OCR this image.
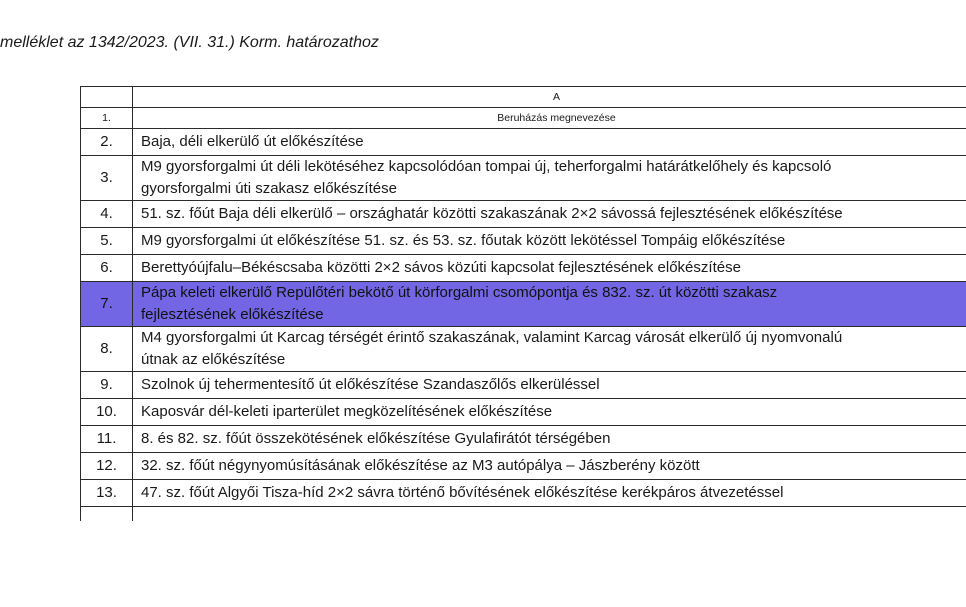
melléklet az 1342/2023. (VII. 31.) Korm. határozathoz
	A
1.	Beruházás megnevezése
2.	Baja, déli elkerülő út előkészítése

3.	M9 gyorsforgalmi út déli lekötéséhez kapcsolódóan tompai új, teherforgalmi határátkelőhely és kapcsoló
gyorsforgalmi úti szakasz előkészítése

4.	51. sz. főút Baja déli elkerülő – országhatár közötti szakaszának 2×2 sávossá fejlesztésének előkészítése

5.	M9 gyorsforgalmi út előkészítése 51. sz. és 53. sz. főutak között lekötéssel Tompáig előkészítése

6.	Berettyóújfalu–Békéscsaba közötti 2×2 sávos közúti kapcsolat fejlesztésének előkészítése

7.	Pápa keleti elkerülő Repülőtéri bekötő út körforgalmi csomópontja és 832. sz. út közötti szakasz
fejlesztésének előkészítése

8.	M4 gyorsforgalmi út Karcag térségét érintő szakaszának, valamint Karcag városát elkerülő új nyomvonalú
útnak az előkészítése

9.	Szolnok új tehermentesítő út előkészítése Szandaszőlős elkerüléssel

10.	Kaposvár dél-keleti iparterület megközelítésének előkészítése

11.	8. és 82. sz. főút összekötésének előkészítése Gyulafirátót térségében

12.	32. sz. főút négynyomúsításának előkészítése az M3 autópálya – Jászberény között

13.	47. sz. főút Algyői Tisza-híd 2×2 sávra történő bővítésének előkészítése kerékpáros átvezetéssel
